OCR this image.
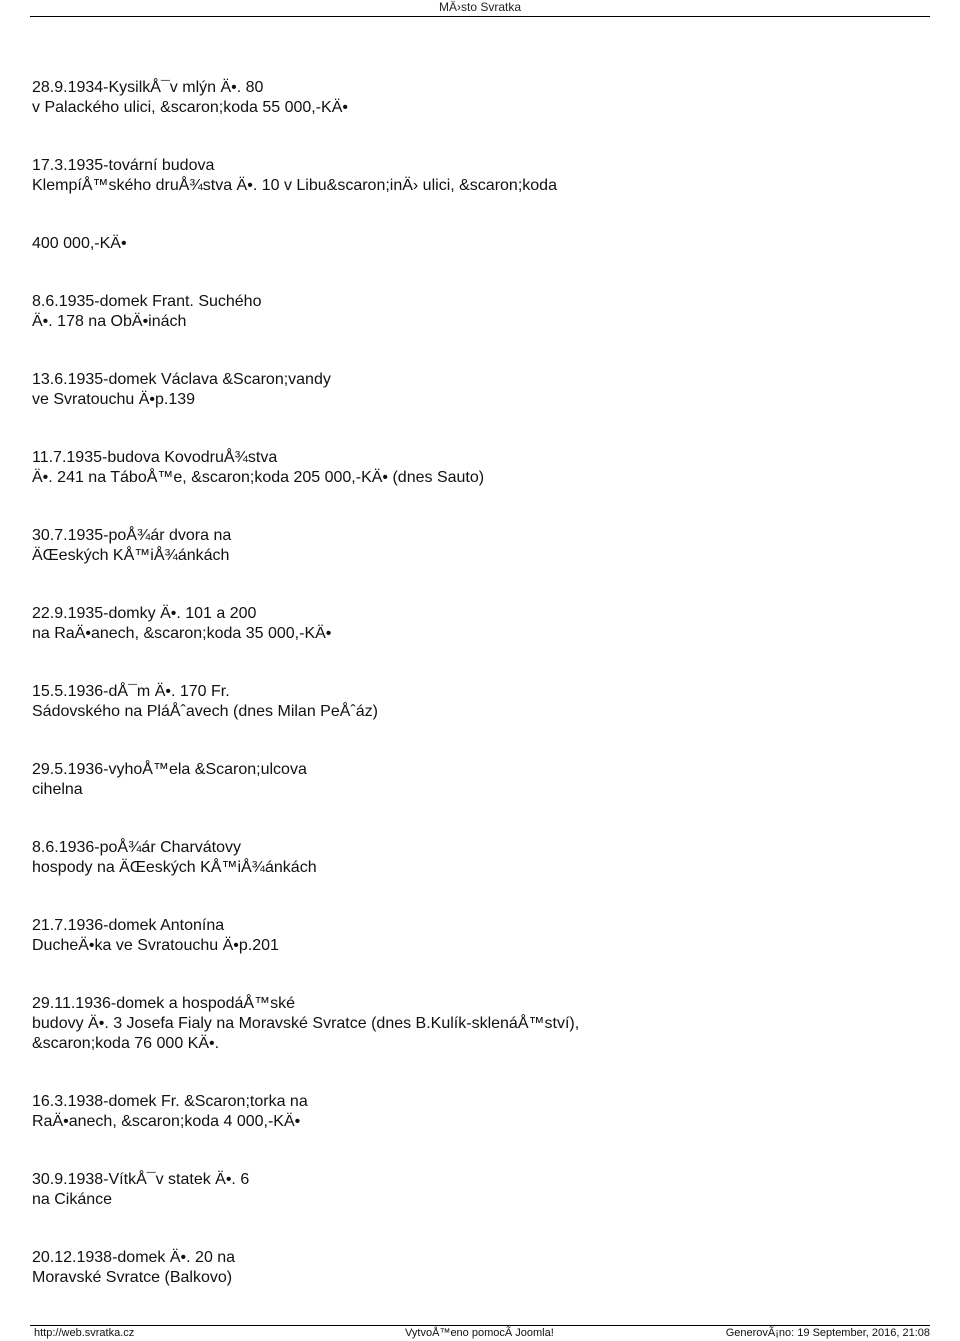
MÄ›sto Svratka
28.9.1934-KysilkÅ¯v mlýn Ä•. 80
v Palackého ulici, &scaron;koda 55 000,-KÄ•
17.3.1935-tovární budova
KlempíÅ™ského druÅ¾stva Ä•. 10 v Libu&scaron;inÄ› ulici, &scaron;koda
400 000,-KÄ•
8.6.1935-domek Frant. Suchého
Ä•. 178 na ObÄ•inách
13.6.1935-domek Václava &Scaron;vandy
ve Svratouchu Ä•p.139
11.7.1935-budova KovodruÅ¾stva
Ä•. 241 na TáboÅ™e, &scaron;koda 205 000,-KÄ• (dnes Sauto)
30.7.1935-poÅ¾ár dvora na
ÄŒeských KÅ™iÅ¾ánkách
22.9.1935-domky Ä•. 101 a 200
na RaÄ•anech, &scaron;koda 35 000,-KÄ•
15.5.1936-dÅ¯m Ä•. 170 Fr.
Sádovského na PláÅˆavech (dnes Milan PeÅˆáz)
29.5.1936-vyhoÅ™ela &Scaron;ulcova
cihelna
8.6.1936-poÅ¾ár Charvátovy
hospody na ÄŒeských KÅ™iÅ¾ánkách
21.7.1936-domek Antonína
DucheÄ•ka ve Svratouchu Ä•p.201
29.11.1936-domek a hospodáÅ™ské
budovy Ä•. 3 Josefa Fialy na Moravské Svratce (dnes B.Kulík-sklenáÅ™ství),
&scaron;koda 76 000 KÄ•.
16.3.1938-domek Fr. &Scaron;torka na
RaÄ•anech, &scaron;koda 4 000,-KÄ•
30.9.1938-VítkÅ¯v statek Ä•. 6
na Cikánce
20.12.1938-domek Ä•. 20 na
Moravské Svratce (Balkovo)
http://web.svratka.cz	VytvoÅ™eno pomocÃ Joomla!	GenerovÃ¡no: 19 September, 2016, 21:08
